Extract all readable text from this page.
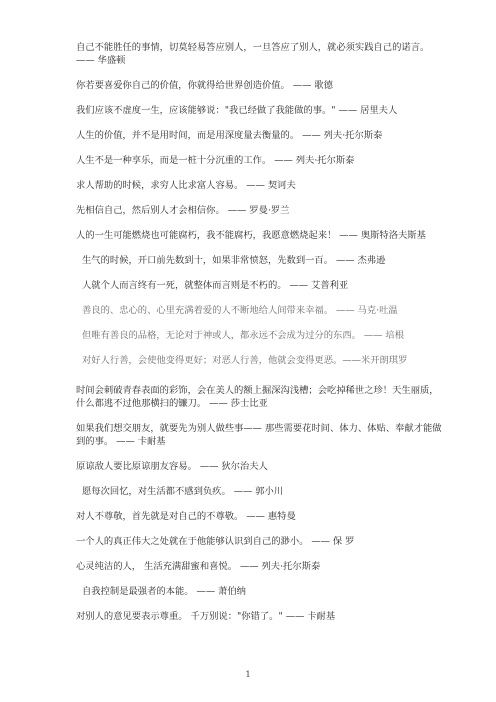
自己不能胜任的事情，切莫轻易答应别人，一旦答应了别人，就必须实践自己的诺言。 —— 华盛顿

你若要喜爱你自己的价值，你就得给世界创造价值。 —— 歌德

我们应该不虚度一生，应该能够说："我已经做了我能做的事。" —— 居里夫人

人生的价值，并不是用时间，而是用深度量去衡量的。 —— 列夫·托尔斯泰

人生不是一种享乐，而是一桩十分沉重的工作。 —— 列夫·托尔斯泰

求人帮助的时候，求穷人比求富人容易。 —— 契诃夫

先相信自己，然后别人才会相信你。 —— 罗曼·罗兰

人的一生可能燃烧也可能腐朽，我不能腐朽，我愿意燃烧起来！ —— 奥斯特洛夫斯基

生气的时候，开口前先数到十，如果非常愤怒，先数到一百。 —— 杰弗逊

人就个人而言终有一死，就整体而言则是不朽的。 —— 艾普利亚

善良的、忠心的、心里充满着爱的人不断地给人间带来幸福。 —— 马克·吐温

但唯有善良的品格，无论对于神或人，都永远不会成为过分的东西。 —— 培根

对好人行善，会使他变得更好；对恶人行善，他就会变得更恶。——米开朗琪罗

时间会刺破青春表面的彩饰，会在美人的额上掘深沟浅槽；会吃掉稀世之珍！天生丽质，什么都逃不过他那横扫的镰刀。 —— 莎士比亚

如果我们想交朋友，就要先为别人做些事—— 那些需要花时间、体力、体贴、奉献才能做到的事。 —— 卡耐基

原谅敌人要比原谅朋友容易。 —— 狄尔治夫人

愿每次回忆，对生活都不感到负疚。 —— 郭小川

对人不尊敬，首先就是对自己的不尊敬。 —— 惠特曼

一个人的真正伟大之处就在于他能够认识到自己的渺小。 —— 保 罗

心灵纯洁的人， 生活充满甜蜜和喜悦。 —— 列夫·托尔斯泰

自我控制是最强者的本能。 —— 萧伯纳

对别人的意见要表示尊重。 千万别说："你错了。" —— 卡耐基

1
